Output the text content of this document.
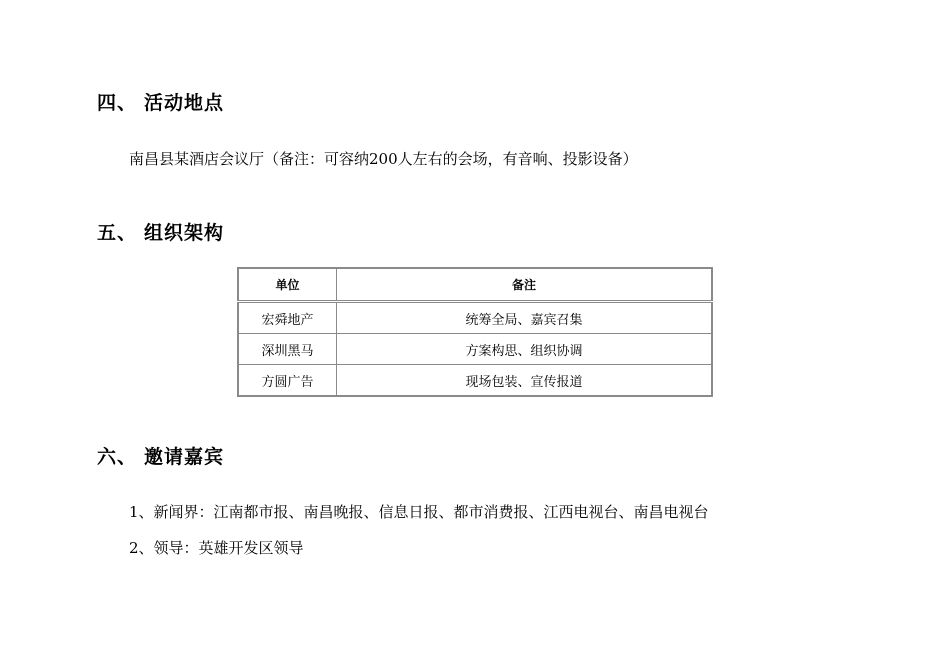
四、 活动地点
南昌县某酒店会议厅（备注：可容纳200人左右的会场，有音响、投影设备）
五、 组织架构
单位	备注
宏舜地产	统筹全局、嘉宾召集
深圳黑马	方案构思、组织协调
方圆广告	现场包装、宣传报道
六、 邀请嘉宾
1、新闻界：江南都市报、南昌晚报、信息日报、都市消费报、江西电视台、南昌电视台
2、领导：英雄开发区领导
